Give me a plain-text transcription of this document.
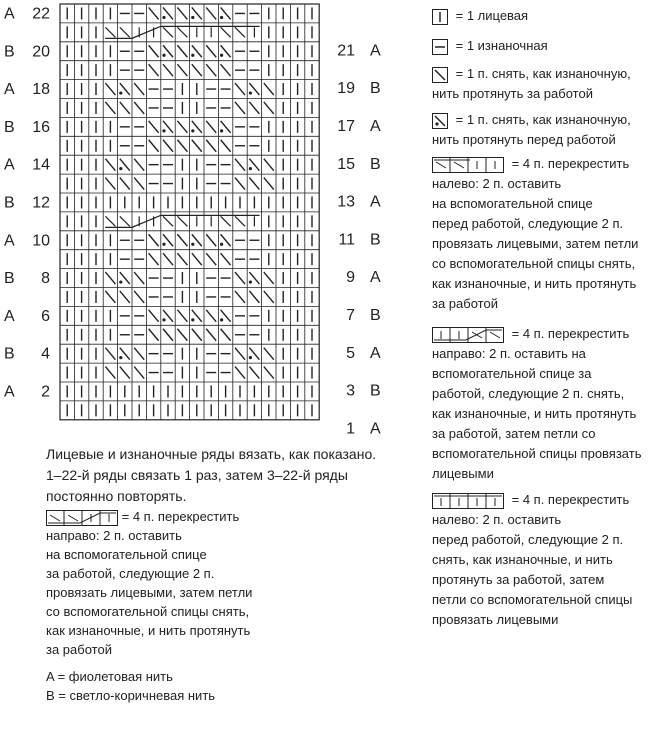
A 22
B 20
A 18
B 16
A 14
B 12
A 10
B 8
A 6
B 4
A 2
21 A
19 B
17 A
15 B
13 A
11 B
9 A
7 B
5 A
3 B
1 A
= 1 лицевая
= 1 изнаночная
= 1 п. снять, как изнаночную,
нить протянуть за работой
= 1 п. снять, как изнаночную,
нить протянуть перед работой
= 4 п. перекрестить
налево: 2 п. оставить
на вспомогательной спице
перед работой, следующие 2 п.
провязать лицевыми, затем петли
со вспомогательной спицы снять,
как изнаночные, и нить протянуть
за работой
= 4 п. перекрестить
направо: 2 п. оставить на
вспомогательной спице за
работой, следующие 2 п. снять,
как изнаночные, и нить протянуть
за работой, затем петли со
вспомогательной спицы провязать
лицевыми
= 4 п. перекрестить
налево: 2 п. оставить
перед работой, следующие 2 п.
снять, как изнаночные, и нить
протянуть за работой, затем
петли со вспомогательной спицы
провязать лицевыми
Лицевые и изнаночные ряды вязать, как показано.
1–22-й ряды связать 1 раз, затем 3–22-й ряды
постоянно повторять.
= 4 п. перекрестить
направо: 2 п. оставить
на вспомогательной спице
за работой, следующие 2 п.
провязать лицевыми, затем петли
со вспомогательной спицы снять,
как изнаночные, и нить протянуть
за работой
A = фиолетовая нить
B = светло-коричневая нить
